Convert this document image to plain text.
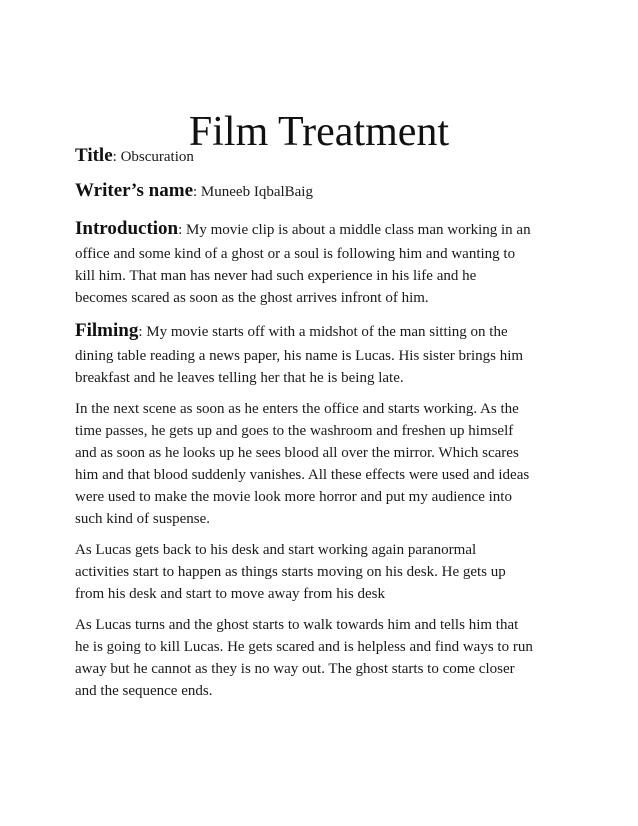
Film Treatment
Title: Obscuration
Writer’s name: Muneeb IqbalBaig
Introduction: My movie clip is about a middle class man working in an
office and some kind of a ghost or a soul is following him and wanting to
kill him. That man has never had such experience in his life and he
becomes scared as soon as the ghost arrives infront of him.
Filming: My movie starts off with a midshot of the man sitting on the
dining table reading a news paper, his name is Lucas. His sister brings him
breakfast and he leaves telling her that he is being late.
In the next scene as soon as he enters the office and starts working. As the
time passes, he gets up and goes to the washroom and freshen up himself
and as soon as he looks up he sees blood all over the mirror. Which scares
him and that blood suddenly vanishes. All these effects were used and ideas
were used to make the movie look more horror and put my audience into
such kind of suspense.
As Lucas gets back to his desk and start working again paranormal
activities start to happen as things starts moving on his desk. He gets up
from his desk and start to move away from his desk
As Lucas turns and the ghost starts to walk towards him and tells him that
he is going to kill Lucas. He gets scared and is helpless and find ways to run
away but he cannot as they is no way out. The ghost starts to come closer
and the sequence ends.
